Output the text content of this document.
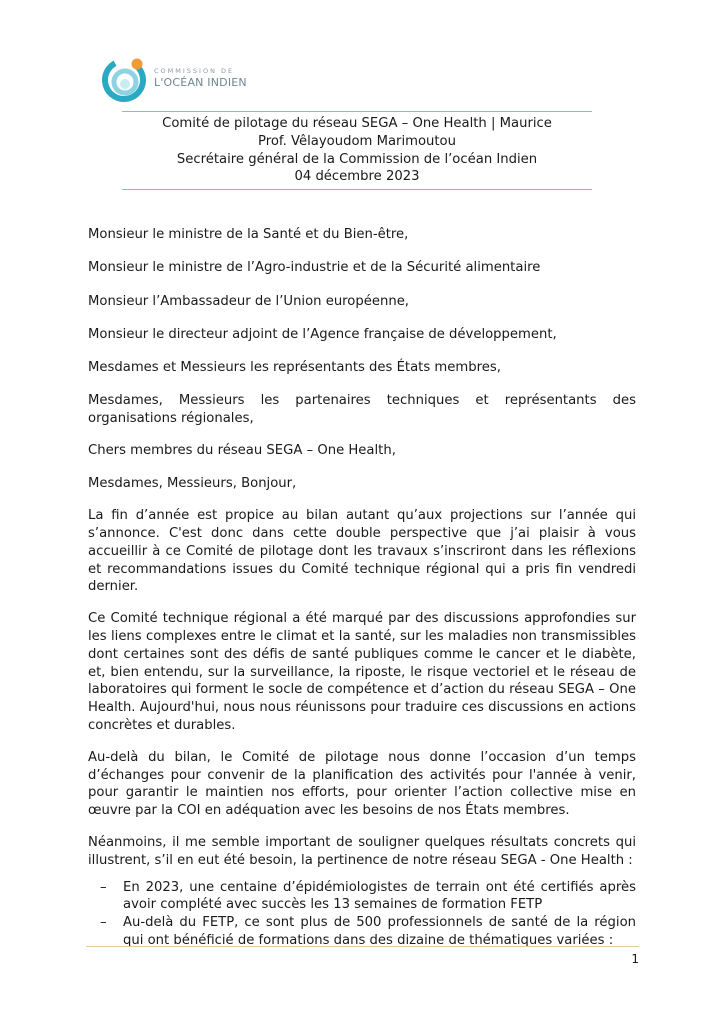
COMMISSION DE
L'OCÉAN INDIEN
Comité de pilotage du réseau SEGA – One Health | Maurice
Prof. Vêlayoudom Marimoutou
Secrétaire général de la Commission de l’océan Indien
04 décembre 2023

Monsieur le ministre de la Santé et du Bien-être,

Monsieur le ministre de l’Agro-industrie et de la Sécurité alimentaire

Monsieur l’Ambassadeur de l’Union européenne,

Monsieur le directeur adjoint de l’Agence française de développement,

Mesdames et Messieurs les représentants des États membres,

Mesdames, Messieurs les partenaires techniques et représentants des organisations régionales,

Chers membres du réseau SEGA – One Health,

Mesdames, Messieurs, Bonjour,

La fin d’année est propice au bilan autant qu’aux projections sur l’année qui s’annonce. C'est donc dans cette double perspective que j’ai plaisir à vous accueillir à ce Comité de pilotage dont les travaux s’inscriront dans les réflexions et recommandations issues du Comité technique régional qui a pris fin vendredi dernier.

Ce Comité technique régional a été marqué par des discussions approfondies sur les liens complexes entre le climat et la santé, sur les maladies non transmissibles dont certaines sont des défis de santé publiques comme le cancer et le diabète, et, bien entendu, sur la surveillance, la riposte, le risque vectoriel et le réseau de laboratoires qui forment le socle de compétence et d’action du réseau SEGA – One Health. Aujourd'hui, nous nous réunissons pour traduire ces discussions en actions concrètes et durables.

Au-delà du bilan, le Comité de pilotage nous donne l’occasion d’un temps d’échanges pour convenir de la planification des activités pour l'année à venir, pour garantir le maintien nos efforts, pour orienter l’action collective mise en œuvre par la COI en adéquation avec les besoins de nos États membres.

Néanmoins, il me semble important de souligner quelques résultats concrets qui illustrent, s’il en eut été besoin, la pertinence de notre réseau SEGA - One Health :

– En 2023, une centaine d’épidémiologistes de terrain ont été certifiés après avoir complété avec succès les 13 semaines de formation FETP
– Au-delà du FETP, ce sont plus de 500 professionnels de santé de la région qui ont bénéficié de formations dans des dizaine de thématiques variées :
1
